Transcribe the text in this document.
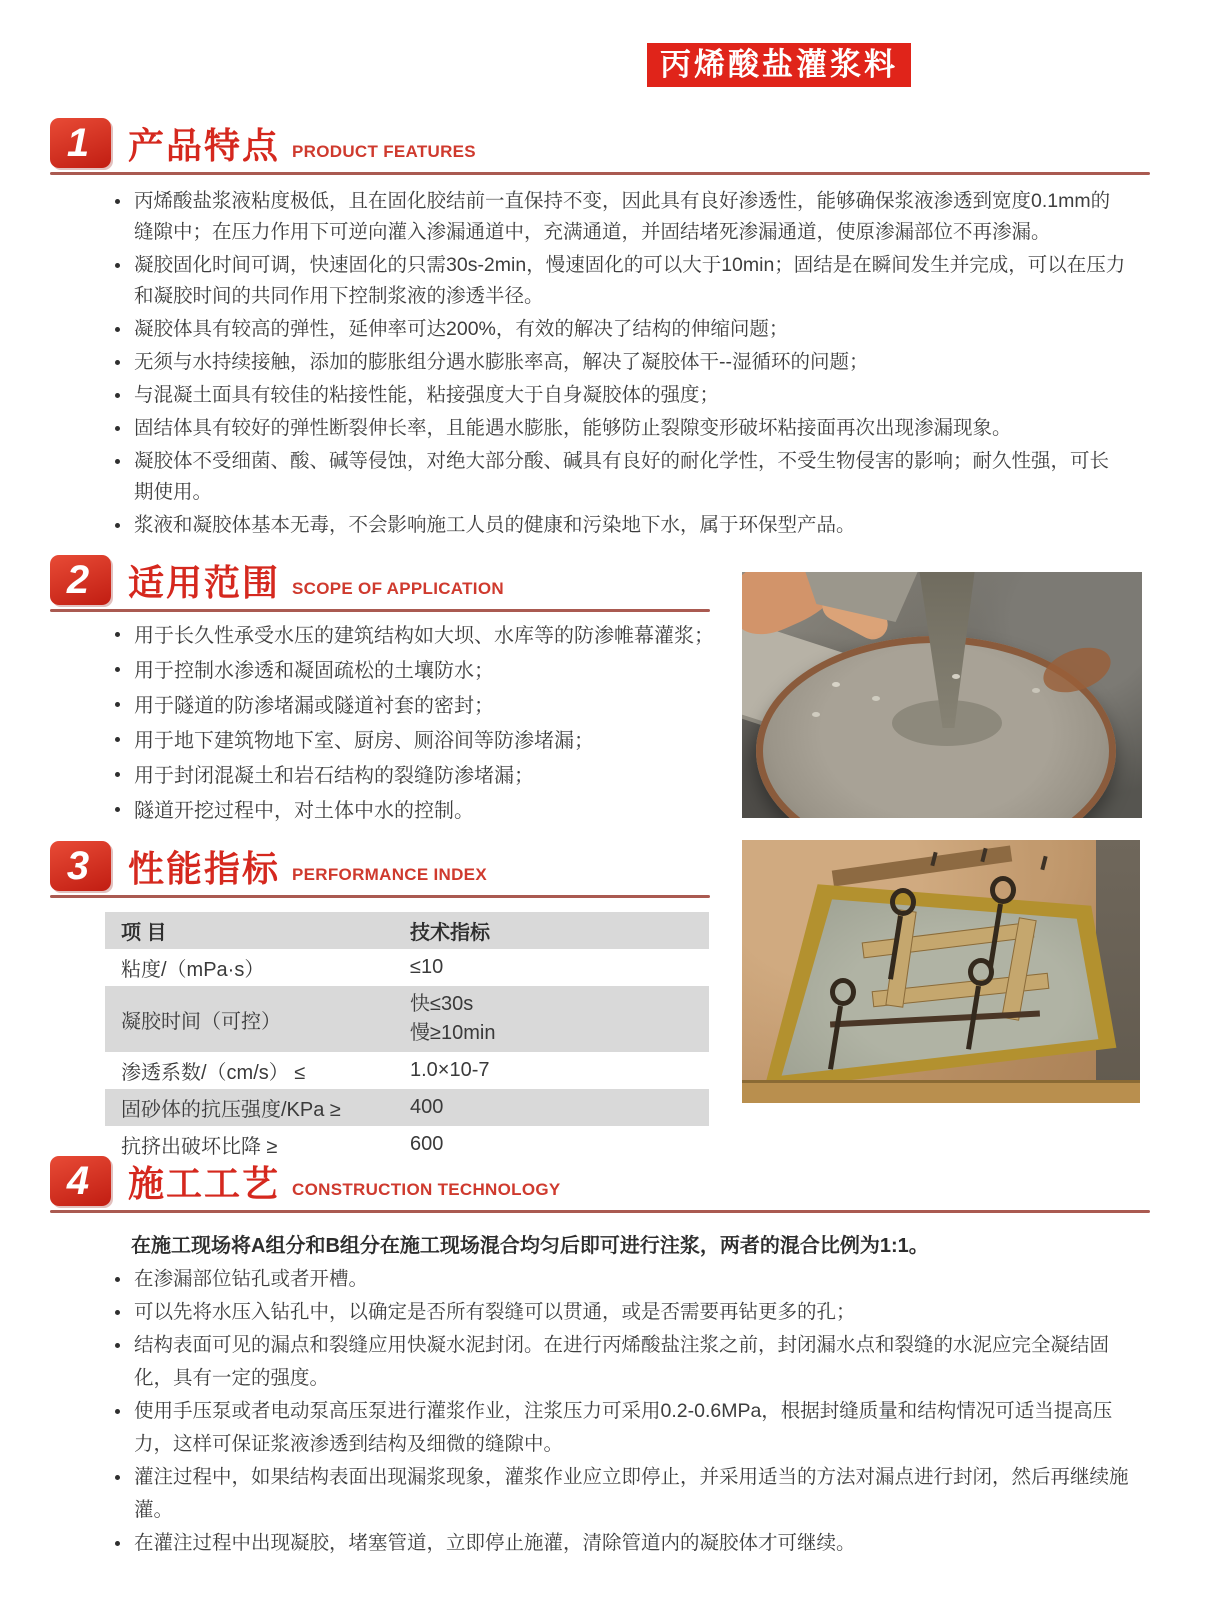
丙烯酸盐灌浆料
1	产品特点 PRODUCT FEATURES
丙烯酸盐浆液粘度极低，且在固化胶结前一直保持不变，因此具有良好渗透性，能够确保浆液渗透到宽度0.1mm的缝隙中；在压力作用下可逆向灌入渗漏通道中，充满通道，并固结堵死渗漏通道，使原渗漏部位不再渗漏。
凝胶固化时间可调，快速固化的只需30s-2min，慢速固化的可以大于10min；固结是在瞬间发生并完成，可以在压力和凝胶时间的共同作用下控制浆液的渗透半径。
凝胶体具有较高的弹性，延伸率可达200%，有效的解决了结构的伸缩问题；
无须与水持续接触，添加的膨胀组分遇水膨胀率高，解决了凝胶体干--湿循环的问题；
与混凝土面具有较佳的粘接性能，粘接强度大于自身凝胶体的强度；
固结体具有较好的弹性断裂伸长率，且能遇水膨胀，能够防止裂隙变形破坏粘接面再次出现渗漏现象。
凝胶体不受细菌、酸、碱等侵蚀，对绝大部分酸、碱具有良好的耐化学性，不受生物侵害的影响；耐久性强，可长期使用。
浆液和凝胶体基本无毒，不会影响施工人员的健康和污染地下水，属于环保型产品。
2	适用范围 SCOPE OF APPLICATION
用于长久性承受水压的建筑结构如大坝、水库等的防渗帷幕灌浆；
用于控制水渗透和凝固疏松的土壤防水；
用于隧道的防渗堵漏或隧道衬套的密封；
用于地下建筑物地下室、厨房、厕浴间等防渗堵漏；
用于封闭混凝土和岩石结构的裂缝防渗堵漏；
隧道开挖过程中，对土体中水的控制。
3	性能指标 PERFORMANCE INDEX
项 目	技术指标
粘度/（mPa·s）	≤10
凝胶时间（可控）	快≤30s
慢≥10min

渗透系数/（cm/s） ≤	1.0×10-7
固砂体的抗压强度/KPa ≥	400
抗挤出破坏比降 ≥	600
4	施工工艺 CONSTRUCTION TECHNOLOGY
在施工现场将A组分和B组分在施工现场混合均匀后即可进行注浆，两者的混合比例为1:1。
在渗漏部位钻孔或者开槽。
可以先将水压入钻孔中，以确定是否所有裂缝可以贯通，或是否需要再钻更多的孔；
结构表面可见的漏点和裂缝应用快凝水泥封闭。在进行丙烯酸盐注浆之前，封闭漏水点和裂缝的水泥应完全凝结固化，具有一定的强度。
使用手压泵或者电动泵高压泵进行灌浆作业，注浆压力可采用0.2-0.6MPa，根据封缝质量和结构情况可适当提高压力，这样可保证浆液渗透到结构及细微的缝隙中。
灌注过程中，如果结构表面出现漏浆现象，灌浆作业应立即停止，并采用适当的方法对漏点进行封闭，然后再继续施灌。
在灌注过程中出现凝胶，堵塞管道，立即停止施灌，清除管道内的凝胶体才可继续。
